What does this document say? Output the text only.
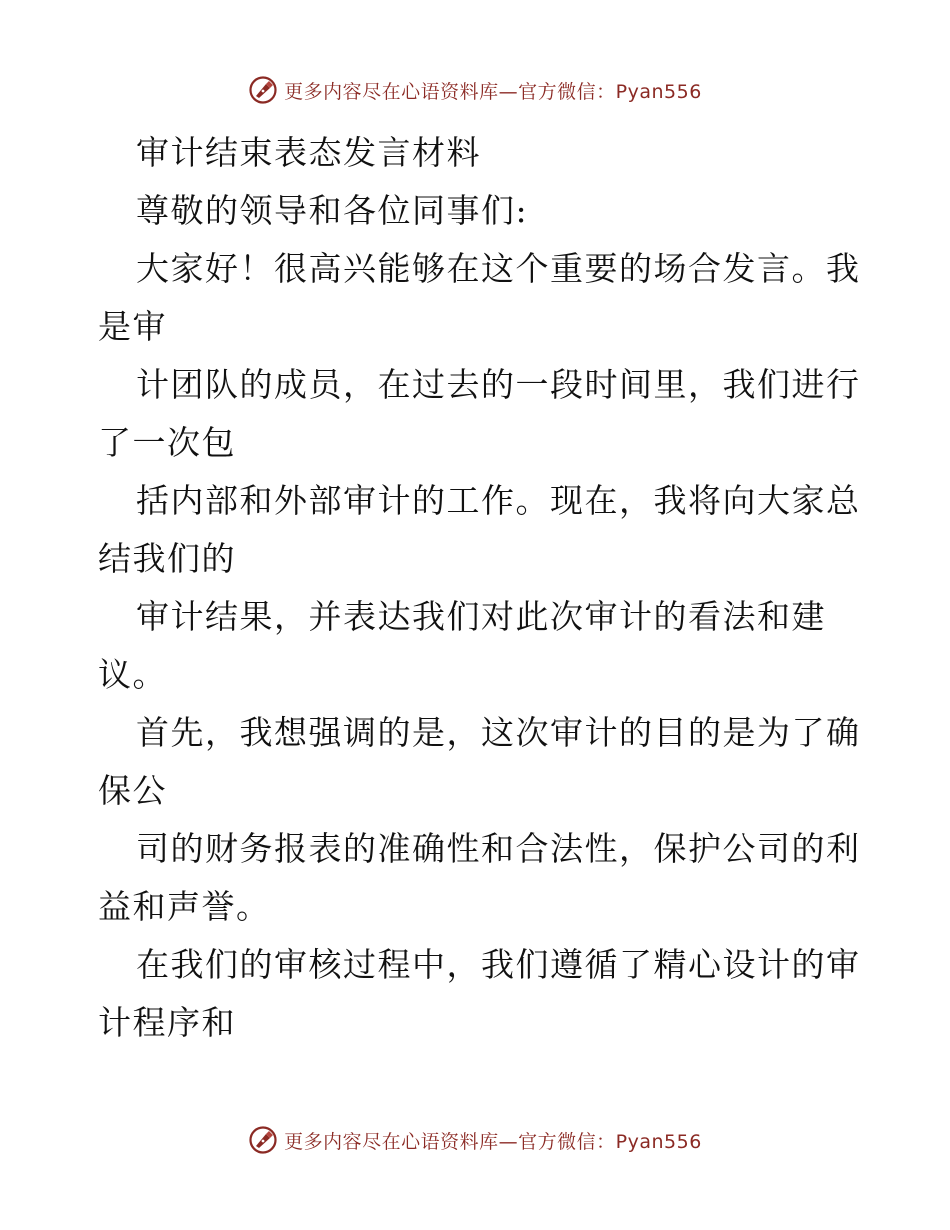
更多内容尽在心语资料库—官方微信：Pyan556
审计结束表态发言材料
尊敬的领导和各位同事们:
大家好！很高兴能够在这个重要的场合发言。我
是审
计团队的成员，在过去的一段时间里，我们进行
了一次包
括内部和外部审计的工作。现在，我将向大家总
结我们的
审计结果，并表达我们对此次审计的看法和建
议。
首先，我想强调的是，这次审计的目的是为了确
保公
司的财务报表的准确性和合法性，保护公司的利
益和声誉。
在我们的审核过程中，我们遵循了精心设计的审
计程序和
更多内容尽在心语资料库—官方微信：Pyan556
